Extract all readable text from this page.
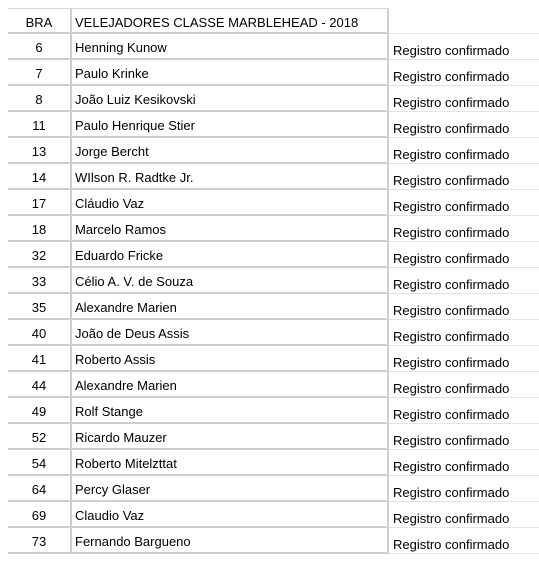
BRA	VELEJADORES CLASSE MARBLEHEAD - 2018
6	Henning Kunow	Registro confirmado
7	Paulo Krinke	Registro confirmado
8	João Luiz Kesikovski	Registro confirmado
11	Paulo Henrique Stier	Registro confirmado
13	Jorge Bercht	Registro confirmado
14	WIlson R. Radtke Jr.	Registro confirmado
17	Cláudio Vaz	Registro confirmado
18	Marcelo Ramos	Registro confirmado
32	Eduardo Fricke	Registro confirmado
33	Célio A. V. de Souza	Registro confirmado
35	Alexandre Marien	Registro confirmado
40	João de Deus Assis	Registro confirmado
41	Roberto Assis	Registro confirmado
44	Alexandre Marien	Registro confirmado
49	Rolf Stange	Registro confirmado
52	Ricardo Mauzer	Registro confirmado
54	Roberto Mitelzttat	Registro confirmado
64	Percy Glaser	Registro confirmado
69	Claudio Vaz	Registro confirmado
73	Fernando Bargueno	Registro confirmado
